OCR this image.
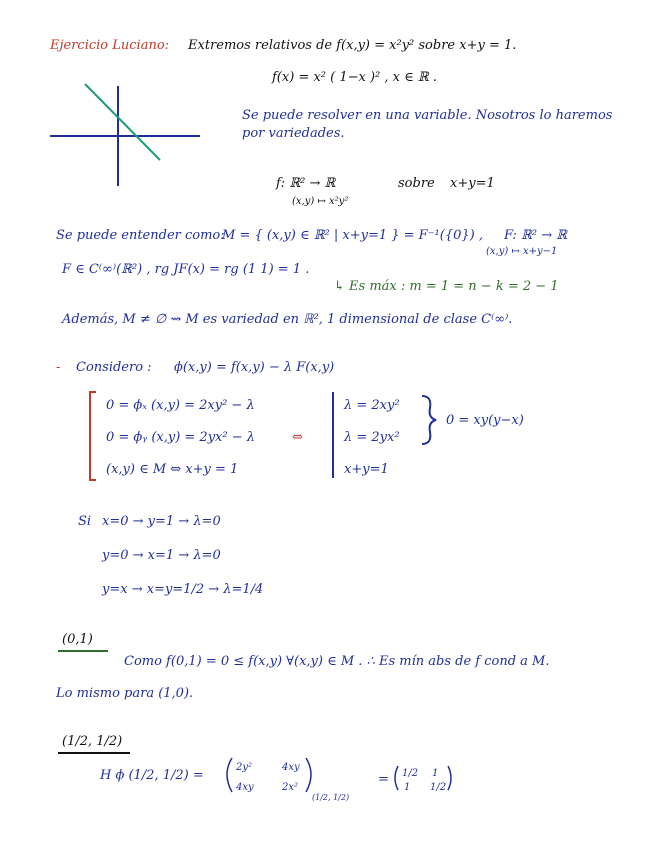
Ejercicio Luciano: Extremos relativos de f(x,y) = x²y² sobre x+y = 1.
f(x) = x² ( 1−x )² , x ∈ ℝ .
Se puede resolver en una variable. Nosotros lo haremos
por variedades.
f: ℝ² → ℝ	sobre x+y=1
(x,y) ↦ x²y²
Se puede entender como:
M = { (x,y) ∈ ℝ² | x+y=1 } = F⁻¹({0}) , F: ℝ² → ℝ
(x,y) ↦ x+y−1
F ∈ C⁽∞⁾(ℝ²) , rg JF(x) = rg (1 1) = 1 .
↳ Es máx : m = 1 = n − k = 2 − 1
Además, M ≠ ∅ ⇝ M es variedad en ℝ², 1 dimensional de clase C⁽∞⁾.
- Considero : ϕ(x,y) = f(x,y) − λ F(x,y)
0 = ϕₓ (x,y) = 2xy² − λ
0 = ϕᵧ (x,y) = 2yx² − λ
(x,y) ∈ M ⇔ x+y = 1
⇔
λ = 2xy²
λ = 2yx²
x+y=1
0 = xy(y−x)
Si x=0 → y=1 → λ=0
y=0 → x=1 → λ=0
y=x → x=y=1/2 → λ=1/4
(0,1)
Como f(0,1) = 0 ≤ f(x,y) ∀(x,y) ∈ M . ∴ Es mín abs de f cond a M.
Lo mismo para (1,0).
(1/2, 1/2)
H ϕ (1/2, 1/2) =
2y²	4xy
4xy	2x²
(1/2, 1/2)
= 1/2 1
1 1/2
